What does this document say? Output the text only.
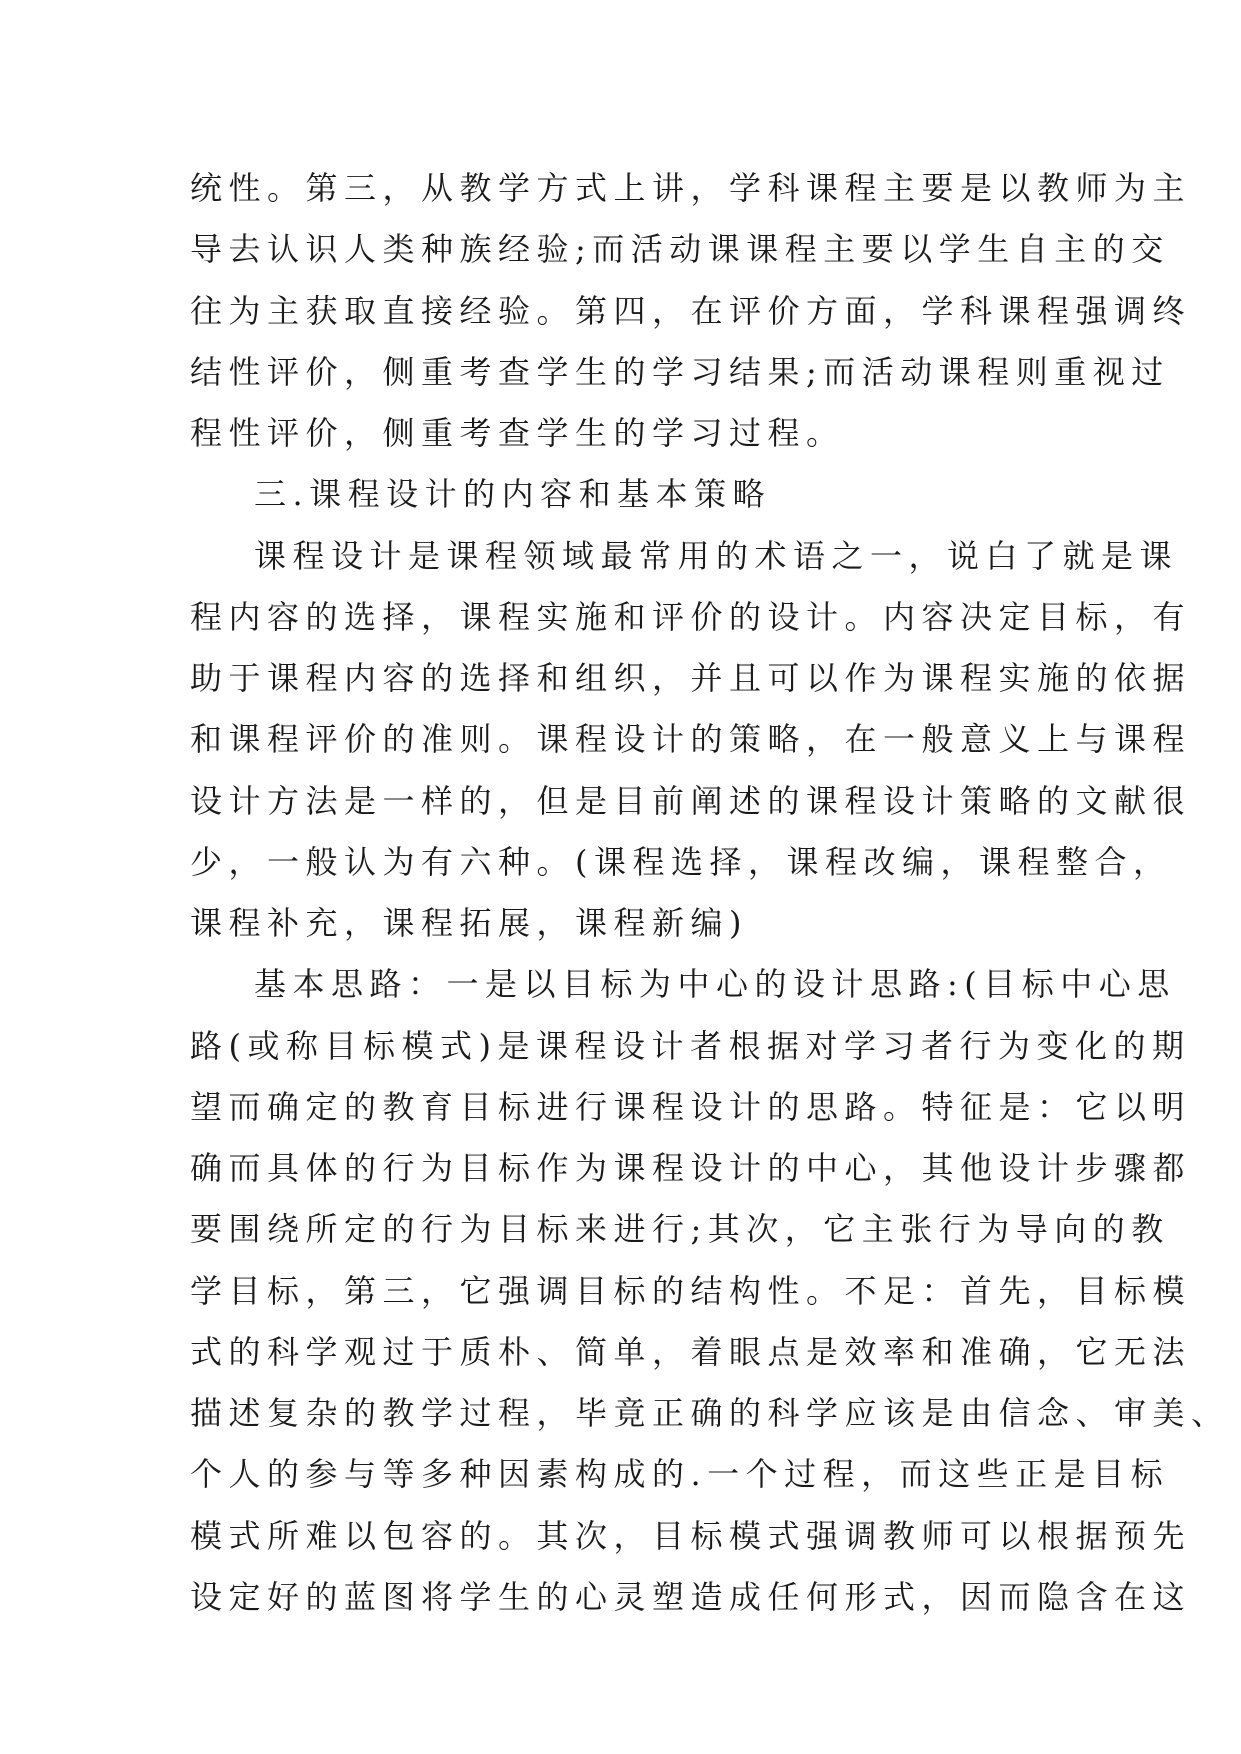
统性。第三，从教学方式上讲，学科课程主要是以教师为主
导去认识人类种族经验;而活动课课程主要以学生自主的交
往为主获取直接经验。第四，在评价方面，学科课程强调终
结性评价，侧重考查学生的学习结果;而活动课程则重视过
程性评价，侧重考查学生的学习过程。
三.课程设计的内容和基本策略
课程设计是课程领域最常用的术语之一，说白了就是课
程内容的选择，课程实施和评价的设计。内容决定目标，有
助于课程内容的选择和组织，并且可以作为课程实施的依据
和课程评价的准则。课程设计的策略，在一般意义上与课程
设计方法是一样的，但是目前阐述的课程设计策略的文献很
少，一般认为有六种。(课程选择，课程改编，课程整合，
课程补充，课程拓展，课程新编)
基本思路：一是以目标为中心的设计思路:(目标中心思
路(或称目标模式)是课程设计者根据对学习者行为变化的期
望而确定的教育目标进行课程设计的思路。特征是：它以明
确而具体的行为目标作为课程设计的中心，其他设计步骤都
要围绕所定的行为目标来进行;其次，它主张行为导向的教
学目标，第三，它强调目标的结构性。不足：首先，目标模
式的科学观过于质朴、简单，着眼点是效率和准确，它无法
描述复杂的教学过程，毕竟正确的科学应该是由信念、审美、
个人的参与等多种因素构成的.一个过程，而这些正是目标
模式所难以包容的。其次，目标模式强调教师可以根据预先
设定好的蓝图将学生的心灵塑造成任何形式，因而隐含在这
